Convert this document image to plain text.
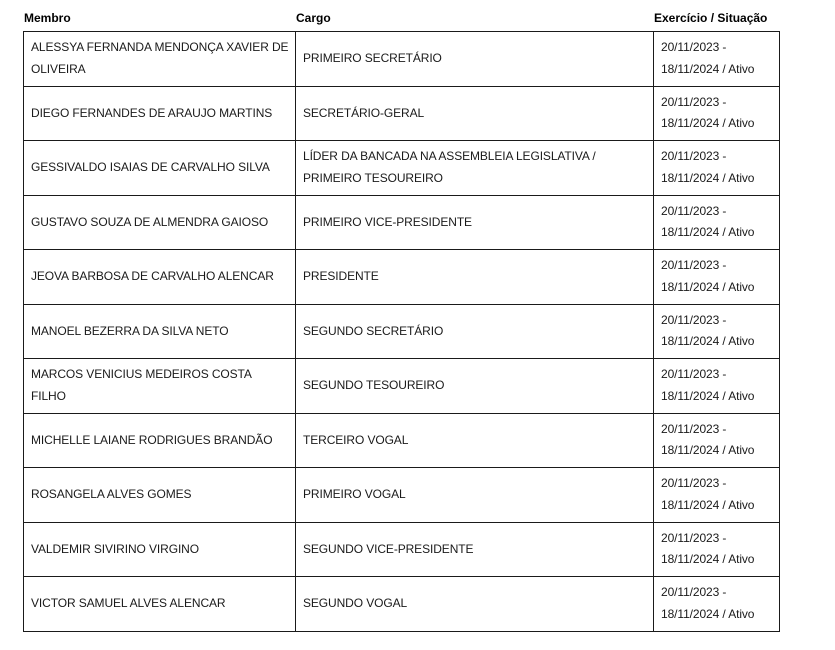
Membro	Cargo	Exercício / Situação
ALESSYA FERNANDA MENDONÇA XAVIER DE OLIVEIRA	PRIMEIRO SECRETÁRIO	20/11/2023 -
18/11/2024 / Ativo

DIEGO FERNANDES DE ARAUJO MARTINS	SECRETÁRIO-GERAL	20/11/2023 -
18/11/2024 / Ativo

GESSIVALDO ISAIAS DE CARVALHO SILVA	LÍDER DA BANCADA NA ASSEMBLEIA LEGISLATIVA / PRIMEIRO TESOUREIRO	20/11/2023 -
18/11/2024 / Ativo

GUSTAVO SOUZA DE ALMENDRA GAIOSO	PRIMEIRO VICE-PRESIDENTE	20/11/2023 -
18/11/2024 / Ativo

JEOVA BARBOSA DE CARVALHO ALENCAR	PRESIDENTE	20/11/2023 -
18/11/2024 / Ativo

MANOEL BEZERRA DA SILVA NETO	SEGUNDO SECRETÁRIO	20/11/2023 -
18/11/2024 / Ativo

MARCOS VENICIUS MEDEIROS COSTA FILHO	SEGUNDO TESOUREIRO	20/11/2023 -
18/11/2024 / Ativo

MICHELLE LAIANE RODRIGUES BRANDÃO	TERCEIRO VOGAL	20/11/2023 -
18/11/2024 / Ativo

ROSANGELA ALVES GOMES	PRIMEIRO VOGAL	20/11/2023 -
18/11/2024 / Ativo

VALDEMIR SIVIRINO VIRGINO	SEGUNDO VICE-PRESIDENTE	20/11/2023 -
18/11/2024 / Ativo

VICTOR SAMUEL ALVES ALENCAR	SEGUNDO VOGAL	20/11/2023 -
18/11/2024 / Ativo
